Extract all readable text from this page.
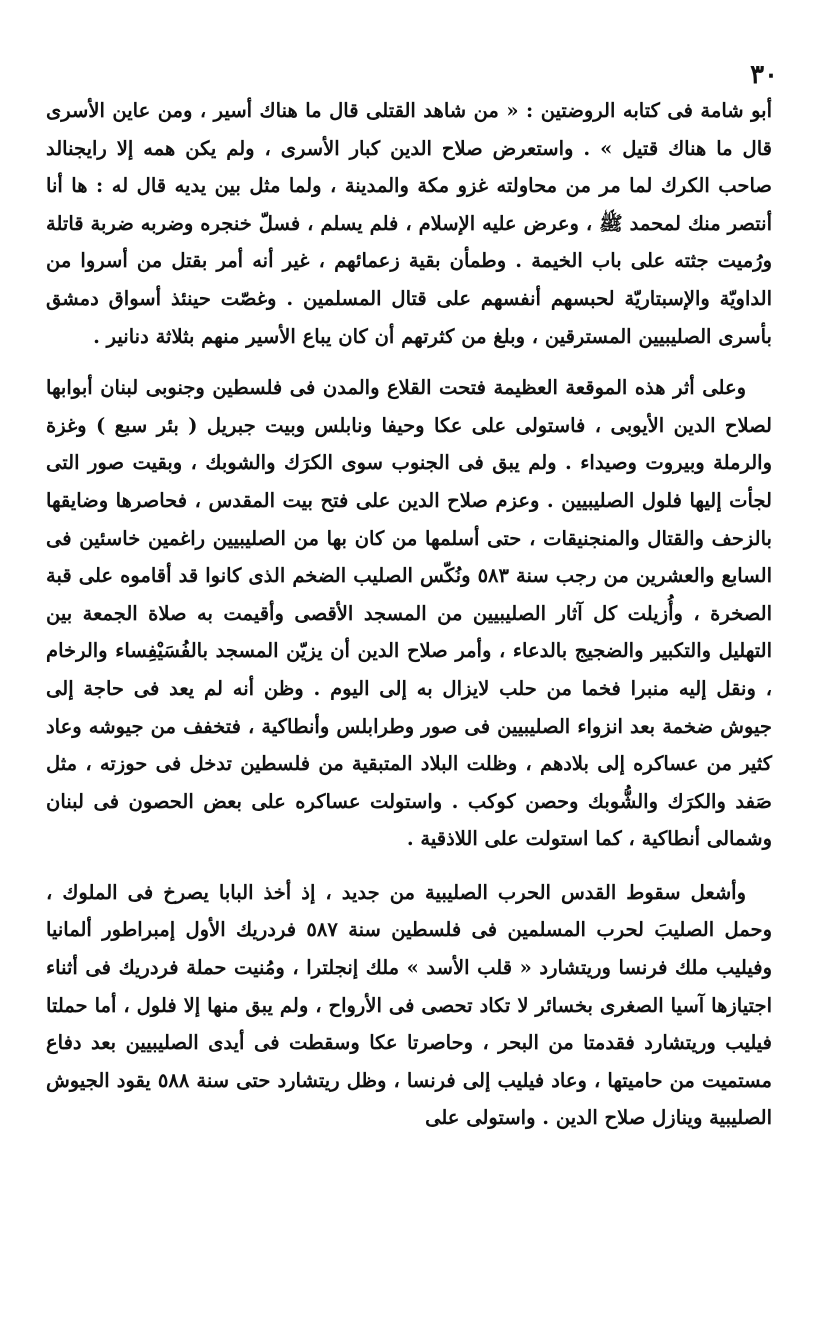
٣٠

أبو شامة فى كتابه الروضتين : « من شاهد القتلى قال ما هناك أسير ، ومن عاين الأسرى قال ما هناك قتيل » . واستعرض صلاح الدين كبار الأسرى ، ولم يكن همه إلا رايجنالد صاحب الكرك لما مر من محاولته غزو مكة والمدينة ، ولما مثل بين يديه قال له : ها أنا أنتصر منك لمحمد ﷺ ، وعرض عليه الإسلام ، فلم يسلم ، فسلّ خنجره وضربه ضربة قاتلة ورُميت جثته على باب الخيمة . وطمأن بقية زعمائهم ، غير أنه أمر بقتل من أسروا من الداويّة والإسبتاريّة لحبسهم أنفسهم على قتال المسلمين . وغصّت حينئذ أسواق دمشق بأسرى الصليبيين المسترقين ، وبلغ من كثرتهم أن كان يباع الأسير منهم بثلاثة دنانير .

وعلى أثر هذه الموقعة العظيمة فتحت القلاع والمدن فى فلسطين وجنوبى لبنان أبوابها لصلاح الدين الأيوبى ، فاستولى على عكا وحيفا ونابلس وبيت جبريل ( بئر سبع ) وغزة والرملة وبيروت وصيداء . ولم يبق فى الجنوب سوى الكرَك والشوبك ، وبقيت صور التى لجأت إليها فلول الصليبيين . وعزم صلاح الدين على فتح بيت المقدس ، فحاصرها وضايقها بالزحف والقتال والمنجنيقات ، حتى أسلمها من كان بها من الصليبيين راغمين خاسئين فى السابع والعشرين من رجب سنة ٥٨٣ ونُكّس الصليب الضخم الذى كانوا قد أقاموه على قبة الصخرة ، وأُزيلت كل آثار الصليبيين من المسجد الأقصى وأقيمت به صلاة الجمعة بين التهليل والتكبير والضجيج بالدعاء ، وأمر صلاح الدين أن يزيّن المسجد بالفُسَيْفِساء والرخام ، ونقل إليه منبرا فخما من حلب لايزال به إلى اليوم . وظن أنه لم يعد فى حاجة إلى جيوش ضخمة بعد انزواء الصليبيين فى صور وطرابلس وأنطاكية ، فتخفف من جيوشه وعاد كثير من عساكره إلى بلادهم ، وظلت البلاد المتبقية من فلسطين تدخل فى حوزته ، مثل صَفد والكرَك والشُّوبك وحصن كوكب . واستولت عساكره على بعض الحصون فى لبنان وشمالى أنطاكية ، كما استولت على اللاذقية .

وأشعل سقوط القدس الحرب الصليبية من جديد ، إذ أخذ البابا يصرخ فى الملوك ، وحمل الصليبَ لحرب المسلمين فى فلسطين سنة ٥٨٧ فردريك الأول إمبراطور ألمانيا وفيليب ملك فرنسا وريتشارد « قلب الأسد » ملك إنجلترا ، ومُنيت حملة فردريك فى أثناء اجتيازها آسيا الصغرى بخسائر لا تكاد تحصى فى الأرواح ، ولم يبق منها إلا فلول ، أما حملتا فيليب وريتشارد فقدمتا من البحر ، وحاصرتا عكا وسقطت فى أيدى الصليبيين بعد دفاع مستميت من حاميتها ، وعاد فيليب إلى فرنسا ، وظل ريتشارد حتى سنة ٥٨٨ يقود الجيوش الصليبية وينازل صلاح الدين . واستولى على
